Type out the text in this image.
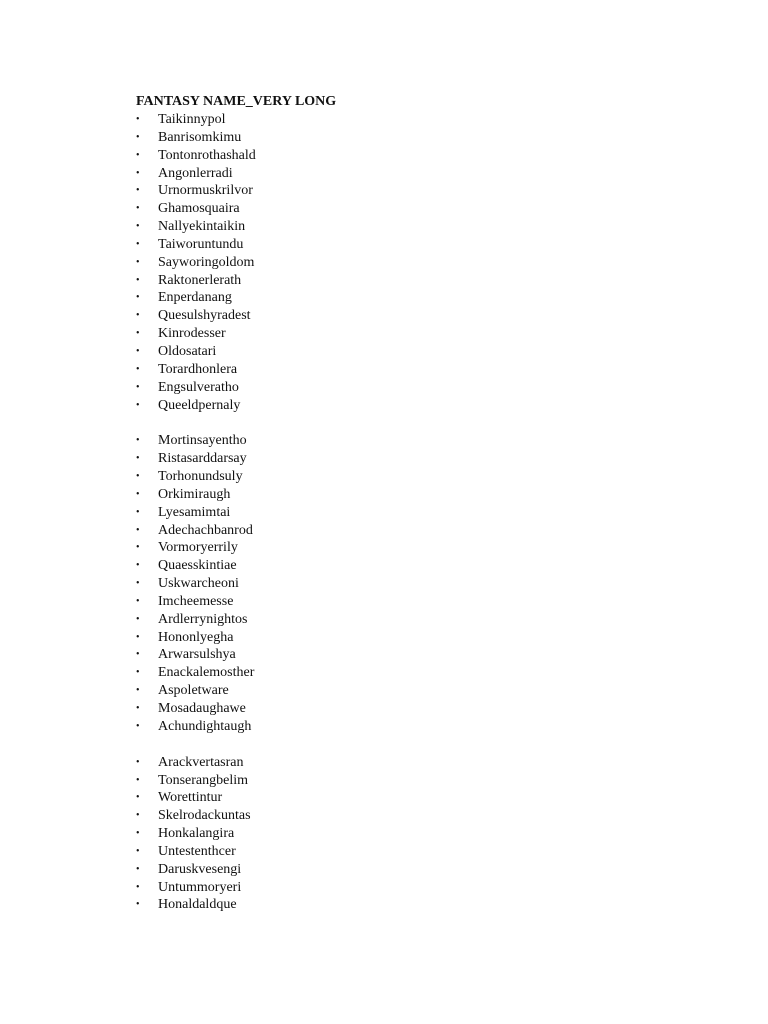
FANTASY NAME_VERY LONG
•	Taikinnypol
•	Banrisomkimu
•	Tontonrothashald
•	Angonlerradi
•	Urnormuskrilvor
•	Ghamosquaira
•	Nallyekintaikin
•	Taiworuntundu
•	Sayworingoldom
•	Raktonerlerath
•	Enperdanang
•	Quesulshyradest
•	Kinrodesser
•	Oldosatari
•	Torardhonlera
•	Engsulveratho
•	Queeldpernaly
•	Mortinsayentho
•	Ristasarddarsay
•	Torhonundsuly
•	Orkimiraugh
•	Lyesamimtai
•	Adechachbanrod
•	Vormoryerrily
•	Quaesskintiae
•	Uskwarcheoni
•	Imcheemesse
•	Ardlerrynightos
•	Hononlyegha
•	Arwarsulshya
•	Enackalemosther
•	Aspoletware
•	Mosadaughawe
•	Achundightaugh
•	Arackvertasran
•	Tonserangbelim
•	Worettintur
•	Skelrodackuntas
•	Honkalangira
•	Untestenthcer
•	Daruskvesengi
•	Untummoryeri
•	Honaldaldque
